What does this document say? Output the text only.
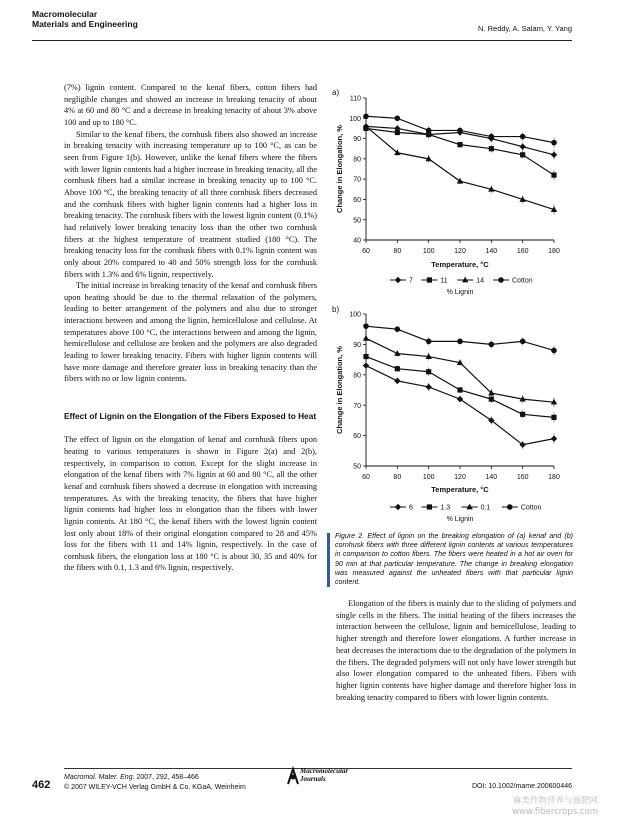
Macromolecular
Materials and Engineering	N. Reddy, A. Salam, Y. Yang

(7%) lignin content. Compared to the kenaf fibers, cotton fibers had negligible changes and showed an increase in breaking tenacity of about 4% at 60 and 80 °C and a decrease in breaking tenacity of about 3% above 100 and up to 180 °C.

Similar to the kenaf fibers, the cornhusk fibers also showed an increase in breaking tenacity with increasing temperature up to 100 °C, as can be seen from Figure 1(b). However, unlike the kenaf fibers where the fibers with lower lignin contents had a higher increase in breaking tenacity, all the cornhusk fibers had a similar increase in breaking tenacity up to 100 °C. Above 100 °C, the breaking tenacity of all three cornhusk fibers decreased and the cornhusk fibers with higher lignin contents had a higher loss in breaking tenacity. The cornhusk fibers with the lowest lignin content (0.1%) had relatively lower breaking tenacity loss than the other two cornhusk fibers at the highest temperature of treatment studied (180 °C). The breaking tenacity loss for the cornhusk fibers with 0.1% lignin content was only about 20% compared to 40 and 50% strength loss for the cornhusk fibers with 1.3% and 6% lignin, respectively.

The initial increase in breaking tenacity of the kenaf and cornhusk fibers upon heating should be due to the thermal relaxation of the polymers, leading to better arrangement of the polymers and also due to stronger interactions between and among the lignin, hemicellulose and cellulose. At temperatures above 100 °C, the interactions between and among the lignin, hemicellulose and cellulose are broken and the polymers are also degraded leading to lower breaking tenacity. Fibers with higher lignin contents will have more damage and therefore greater loss in breaking tenacity than the fibers with no or low lignin contents.

Effect of Lignin on the Elongation of the Fibers Exposed to Heat

The effect of lignin on the elongation of kenaf and cornhusk fibers upon heating to various temperatures is shown in Figure 2(a) and 2(b), respectively, in comparison to cotton. Except for the slight increase in elongation of the kenaf fibers with 7% lignin at 60 and 80 °C, all the other kenaf and cornhusk fibers showed a decrease in elongation with increasing temperatures. As with the breaking tenacity, the fibers that have higher lignin contents had higher loss in elongation than the fibers with lower lignin contents. At 180 °C, the kenaf fibers with the lowest lignin content lost only about 18% of their original elongation compared to 28 and 45% loss for the fibers with 11 and 14% lignin, respectively. In the case of cornhusk fibers, the elongation loss at 180 °C is about 30, 35 and 40% for the fibers with 0.1, 1.3 and 6% lignin, respectively.

a)
40
50
60
70
80
90
100
110
60	80	100	120	140	160	180
Temperature, °C
Change in Elongation, %
7	11	14	Cotton
% Lignin
b)
50
60
70
80
90
100
60	80	100	120	140	160	180
Temperature, °C
Change in Elongation, %
6	1.3	0.1	Cotton
% Lignin
Figure 2. Effect of lignin on the breaking elongation of (a) kenaf and (b) cornhusk fibers with three different lignin contents at various temperatures in comparison to cotton fibers. The fibers were heated in a hot air oven for 90 min at that particular temperature. The change in breaking elongation was measured against the unheated fibers with that particular lignin content.

Elongation of the fibers is mainly due to the sliding of polymers and single cells in the fibers. The initial heating of the fibers increases the interaction between the cellulose, lignin and hemicellulose, leading to higher strength and therefore lower elongations. A further increase in heat decreases the interactions due to the degradation of the polymers in the fibers. The degraded polymers will not only have lower strength but also lower elongation compared to the unheated fibers. Fibers with higher lignin contents have higher damage and therefore higher loss in breaking tenacity compared to fibers with lower lignin contents.

462
Macromol. Mater. Eng. 2007, 292, 458–466
© 2007 WILEY-VCH Verlag GmbH & Co. KGaA, Weinheim
Macromolecular
Journals
DOI: 10.1002/mame.200600446
麻类作物营养与施肥网
www.fibercrops.com
